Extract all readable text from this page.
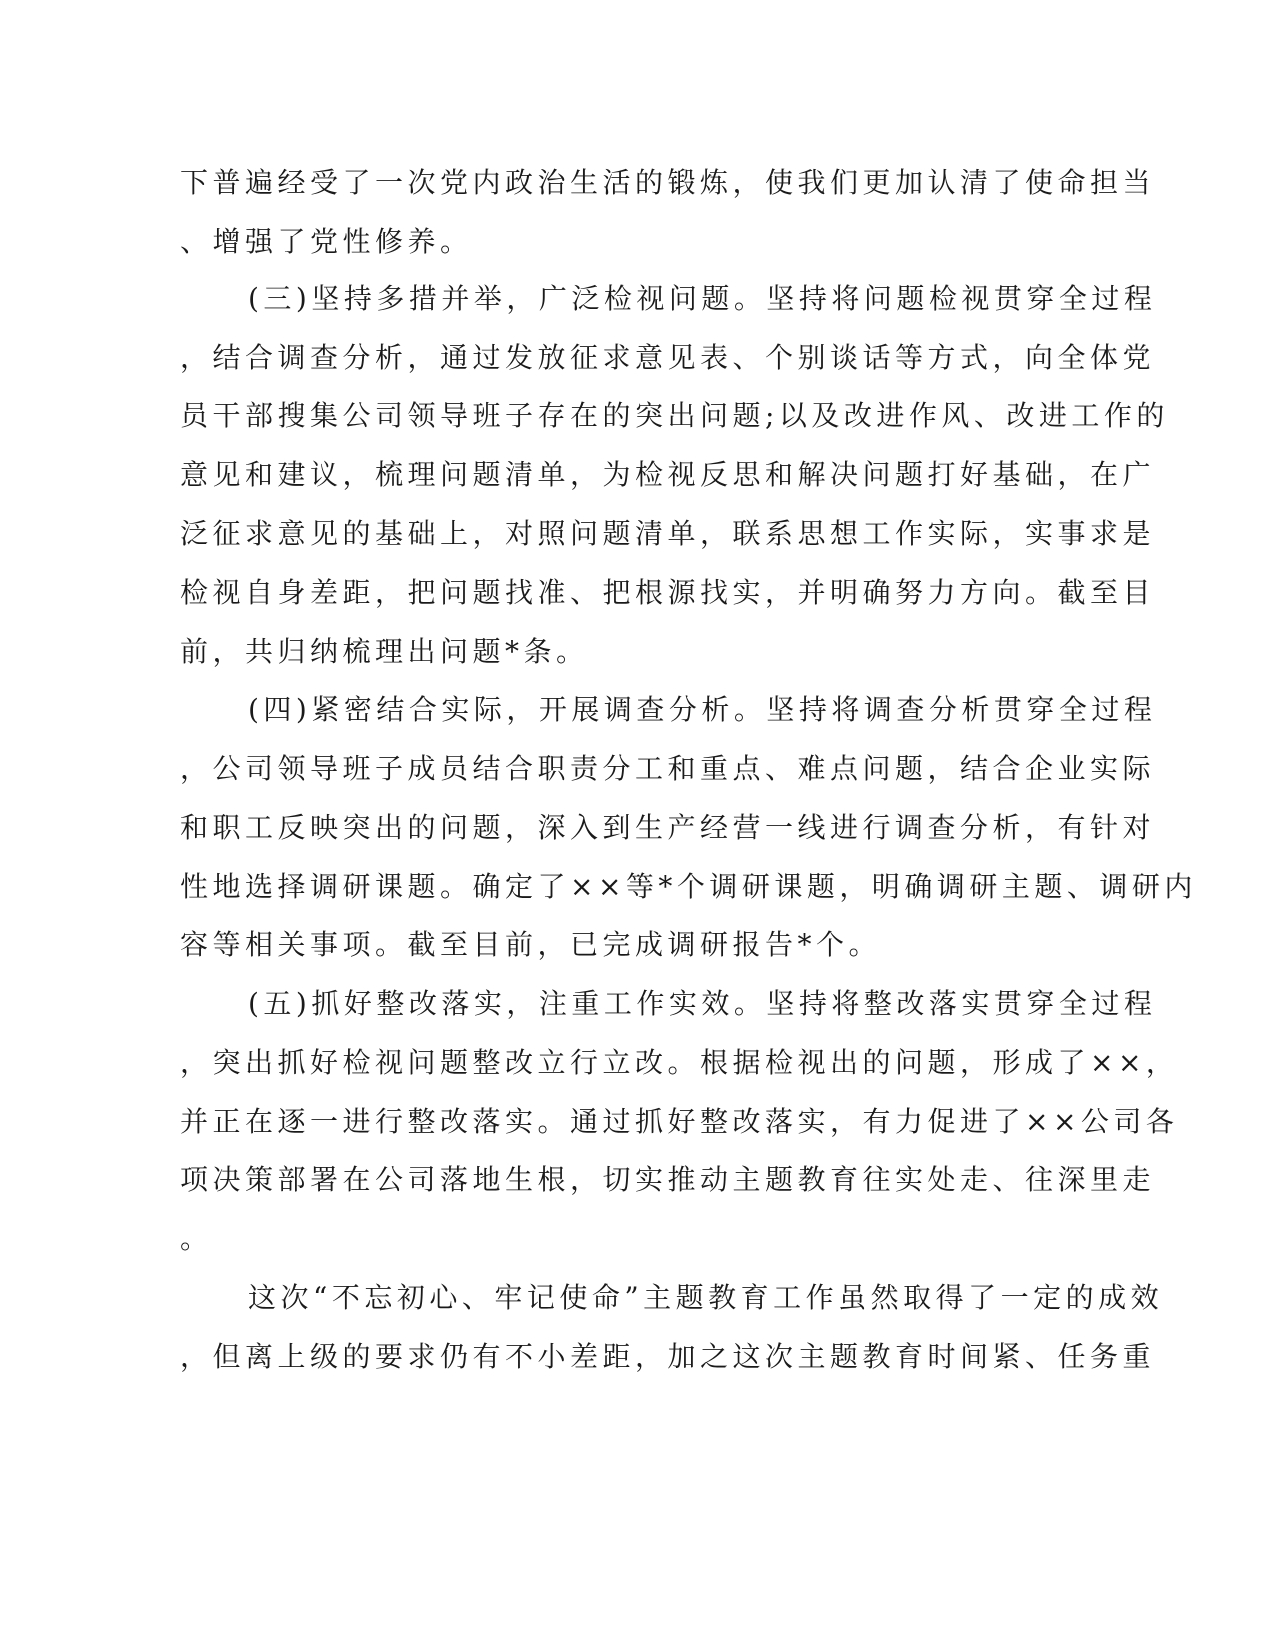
下普遍经受了一次党内政治生活的锻炼，使我们更加认清了使命担当
、增强了党性修养。
(三)坚持多措并举，广泛检视问题。坚持将问题检视贯穿全过程
，结合调查分析，通过发放征求意见表、个别谈话等方式，向全体党
员干部搜集公司领导班子存在的突出问题;以及改进作风、改进工作的
意见和建议，梳理问题清单，为检视反思和解决问题打好基础，在广
泛征求意见的基础上，对照问题清单，联系思想工作实际，实事求是
检视自身差距，把问题找准、把根源找实，并明确努力方向。截至目
前，共归纳梳理出问题*条。
(四)紧密结合实际，开展调查分析。坚持将调查分析贯穿全过程
，公司领导班子成员结合职责分工和重点、难点问题，结合企业实际
和职工反映突出的问题，深入到生产经营一线进行调查分析，有针对
性地选择调研课题。确定了××等*个调研课题，明确调研主题、调研内
容等相关事项。截至目前，已完成调研报告*个。
(五)抓好整改落实，注重工作实效。坚持将整改落实贯穿全过程
，突出抓好检视问题整改立行立改。根据检视出的问题，形成了××，
并正在逐一进行整改落实。通过抓好整改落实，有力促进了××公司各
项决策部署在公司落地生根，切实推动主题教育往实处走、往深里走
。
这次“不忘初心、牢记使命”主题教育工作虽然取得了一定的成效
，但离上级的要求仍有不小差距，加之这次主题教育时间紧、任务重
